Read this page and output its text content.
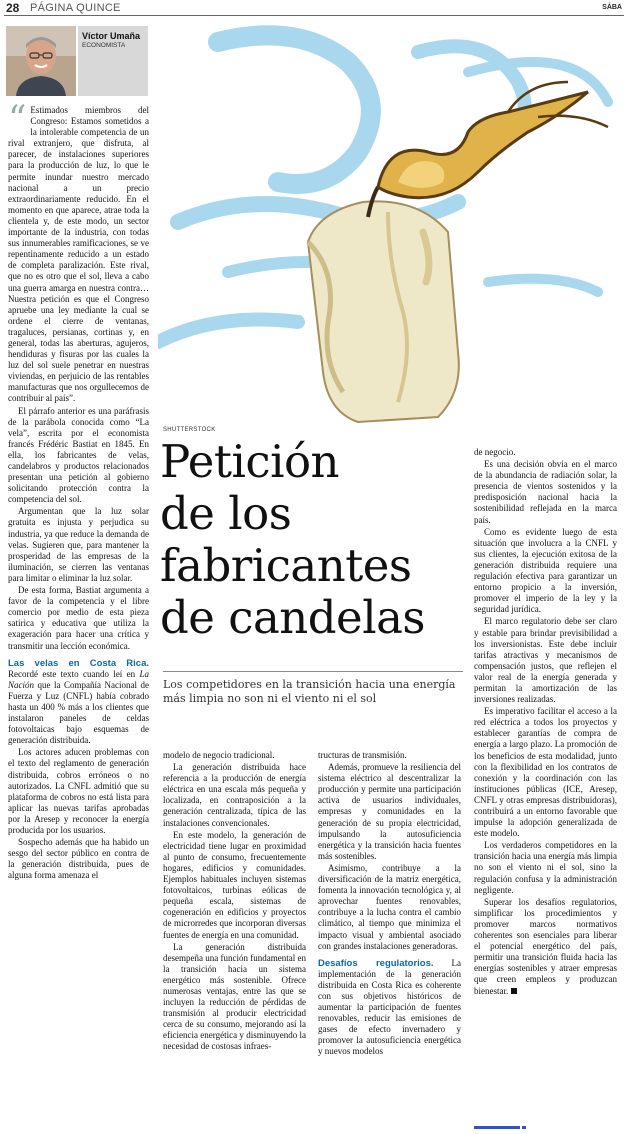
28 PÁGINA QUINCE	SÁBA
Víctor Umaña
ECONOMISTA

“ Estimados miembros del Congreso: Estamos sometidos a la intolerable competencia de un rival extranjero, que disfruta, al parecer, de instalaciones superiores para la producción de luz, lo que le permite inundar nuestro mercado nacional a un precio extraordinariamente reducido. En el momento en que aparece, atrae toda la clientela y, de este modo, un sector importante de la industria, con todas sus innumerables ramificaciones, se ve repentinamente reducido a un estado de completa paralización. Este rival, que no es otro que el sol, lleva a cabo una guerra amarga en nuestra contra… Nuestra petición es que el Congreso apruebe una ley mediante la cual se ordene el cierre de ventanas, tragaluces, persianas, cortinas y, en general, todas las aberturas, agujeros, hendiduras y fisuras por las cuales la luz del sol suele penetrar en nuestras viviendas, en perjuicio de las rentables manufacturas que nos orgullecemos de contribuir al país”.

El párrafo anterior es una paráfrasis de la parábola conocida como “La vela”, escrita por el economista francés Frédéric Bastiat en 1845. En ella, los fabricantes de velas, candelabros y productos relacionados presentan una petición al gobierno solicitando protección contra la competencia del sol.

Argumentan que la luz solar gratuita es injusta y perjudica su industria, ya que reduce la demanda de velas. Sugieren que, para mantener la prosperidad de las empresas de la iluminación, se cierren las ventanas para limitar o eliminar la luz solar.

De esta forma, Bastiat argumenta a favor de la competencia y el libre comercio por medio de esta pieza satírica y educativa que utiliza la exageración para hacer una crítica y transmitir una lección económica.

Las velas en Costa Rica. Recordé este texto cuando leí en La Nación que la Compañía Nacional de Fuerza y Luz (CNFL) había cobrado hasta un 400 % más a los clientes que instalaron paneles de celdas fotovoltaicas bajo esquemas de generación distribuida.

Los actores aducen problemas con el texto del reglamento de generación distribuida, cobros erróneos o no autorizados. La CNFL admitió que su plataforma de cobros no está lista para aplicar las nuevas tarifas aprobadas por la Aresep y reconocer la energía producida por los usuarios.

Sospecho además que ha habido un sesgo del sector público en contra de la generación distribuida, pues de alguna forma amenaza el

SHUTTERSTOCK
Petición
de los
fabricantes
de candelas
Los competidores en la transición hacia una energía más limpia no son ni el viento ni el sol

modelo de negocio tradicional.

La generación distribuida hace referencia a la producción de energía eléctrica en una escala más pequeña y localizada, en contraposición a la generación centralizada, típica de las instalaciones convencionales.

En este modelo, la generación de electricidad tiene lugar en proximidad al punto de consumo, frecuentemente hogares, edificios y comunidades. Ejemplos habituales incluyen sistemas fotovoltaicos, turbinas eólicas de pequeña escala, sistemas de cogeneración en edificios y proyectos de microrredes que incorporan diversas fuentes de energía en una comunidad.

La generación distribuida desempeña una función fundamental en la transición hacia un sistema energético más sostenible. Ofrece numerosas ventajas, entre las que se incluyen la reducción de pérdidas de transmisión al producir electricidad cerca de su consumo, mejorando así la eficiencia energética y disminuyendo la necesidad de costosas infraes-

tructuras de transmisión.

Además, promueve la resiliencia del sistema eléctrico al descentralizar la producción y permite una participación activa de usuarios individuales, empresas y comunidades en la generación de su propia electricidad, impulsando la autosuficiencia energética y la transición hacia fuentes más sostenibles.

Asimismo, contribuye a la diversificación de la matriz energética, fomenta la innovación tecnológica y, al aprovechar fuentes renovables, contribuye a la lucha contra el cambio climático, al tiempo que minimiza el impacto visual y ambiental asociado con grandes instalaciones generadoras.

Desafíos regulatorios. La implementación de la generación distribuida en Costa Rica es coherente con sus objetivos históricos de aumentar la participación de fuentes renovables, reducir las emisiones de gases de efecto invernadero y promover la autosuficiencia energética y nuevos modelos

de negocio.

Es una decisión obvia en el marco de la abundancia de radiación solar, la presencia de vientos sostenidos y la predisposición nacional hacia la sostenibilidad reflejada en la marca país.

Como es evidente luego de esta situación que involucra a la CNFL y sus clientes, la ejecución exitosa de la generación distribuida requiere una regulación efectiva para garantizar un entorno propicio a la inversión, promover el imperio de la ley y la seguridad jurídica.

El marco regulatorio debe ser claro y estable para brindar previsibilidad a los inversionistas. Este debe incluir tarifas atractivas y mecanismos de compensación justos, que reflejen el valor real de la energía generada y permitan la amortización de las inversiones realizadas.

Es imperativo facilitar el acceso a la red eléctrica a todos los proyectos y establecer garantías de compra de energía a largo plazo. La promoción de los beneficios de esta modalidad, junto con la flexibilidad en los contratos de conexión y la coordinación con las instituciones públicas (ICE, Aresep, CNFL y otras empresas distribuidoras), contribuirá a un entorno favorable que impulse la adopción generalizada de este modelo.

Los verdaderos competidores en la transición hacia una energía más limpia no son el viento ni el sol, sino la regulación confusa y la administración negligente.

Superar los desafíos regulatorios, simplificar los procedimientos y promover marcos normativos coherentes son esenciales para liberar el potencial energético del país, permitir una transición fluida hacia las energías sostenibles y atraer empresas que creen empleos y produzcan bienestar.
